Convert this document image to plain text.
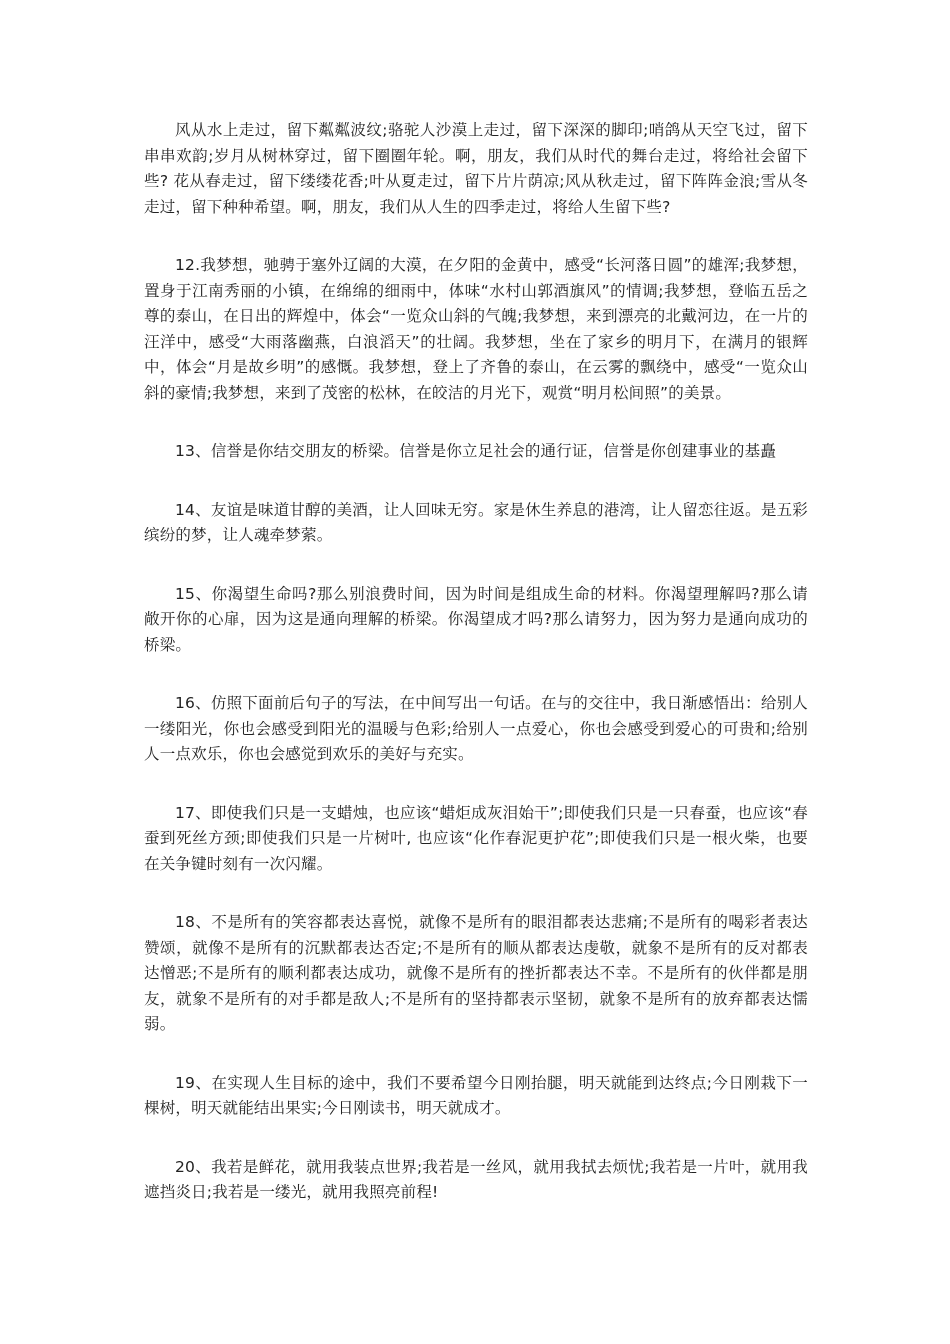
风从水上走过，留下粼粼波纹;骆驼人沙漠上走过，留下深深的脚印;哨鸽从天空飞过，留下串串欢韵;岁月从树林穿过，留下圈圈年轮。啊，朋友，我们从时代的舞台走过，将给社会留下些? 花从春走过，留下缕缕花香;叶从夏走过，留下片片荫凉;风从秋走过，留下阵阵金浪;雪从冬走过，留下种种希望。啊，朋友，我们从人生的四季走过，将给人生留下些?

12.我梦想，驰骋于塞外辽阔的大漠，在夕阳的金黄中，感受“长河落日圆”的雄浑;我梦想，置身于江南秀丽的小镇，在绵绵的细雨中，体味“水村山郭酒旗风”的情调;我梦想，登临五岳之尊的泰山，在日出的辉煌中，体会“一览众山斜的气魄;我梦想，来到漂亮的北戴河边，在一片的汪洋中，感受“大雨落幽燕，白浪滔天”的壮阔。我梦想，坐在了家乡的明月下，在满月的银辉中，体会“月是故乡明”的感慨。我梦想，登上了齐鲁的泰山，在云雾的飘绕中，感受“一览众山斜的豪情;我梦想，来到了茂密的松林，在皎洁的月光下，观赏“明月松间照”的美景。

13、信誉是你结交朋友的桥梁。信誉是你立足社会的通行证，信誉是你创建事业的基矗

14、友谊是味道甘醇的美酒，让人回味无穷。家是休生养息的港湾，让人留恋往返。是五彩缤纷的梦，让人魂牵梦萦。

15、你渴望生命吗?那么别浪费时间，因为时间是组成生命的材料。你渴望理解吗?那么请敞开你的心扉，因为这是通向理解的桥梁。你渴望成才吗?那么请努力，因为努力是通向成功的桥梁。

16、仿照下面前后句子的写法，在中间写出一句话。在与的交往中，我日渐感悟出：给别人一缕阳光，你也会感受到阳光的温暖与色彩;给别人一点爱心，你也会感受到爱心的可贵和;给别人一点欢乐，你也会感觉到欢乐的美好与充实。

17、即使我们只是一支蜡烛，也应该“蜡炬成灰泪始干”;即使我们只是一只春蚕，也应该“春蚕到死丝方颈;即使我们只是一片树叶, 也应该“化作春泥更护花”;即使我们只是一根火柴，也要在关争键时刻有一次闪耀。

18、不是所有的笑容都表达喜悦，就像不是所有的眼泪都表达悲痛;不是所有的喝彩者表达赞颂，就像不是所有的沉默都表达否定;不是所有的顺从都表达虔敬，就象不是所有的反对都表达憎恶;不是所有的顺利都表达成功，就像不是所有的挫折都表达不幸。不是所有的伙伴都是朋友，就象不是所有的对手都是敌人;不是所有的坚持都表示坚韧，就象不是所有的放弃都表达懦弱。

19、在实现人生目标的途中，我们不要希望今日刚抬腿，明天就能到达终点;今日刚栽下一棵树，明天就能结出果实;今日刚读书，明天就成才。

20、我若是鲜花，就用我装点世界;我若是一丝风，就用我拭去烦忧;我若是一片叶，就用我遮挡炎日;我若是一缕光，就用我照亮前程!
